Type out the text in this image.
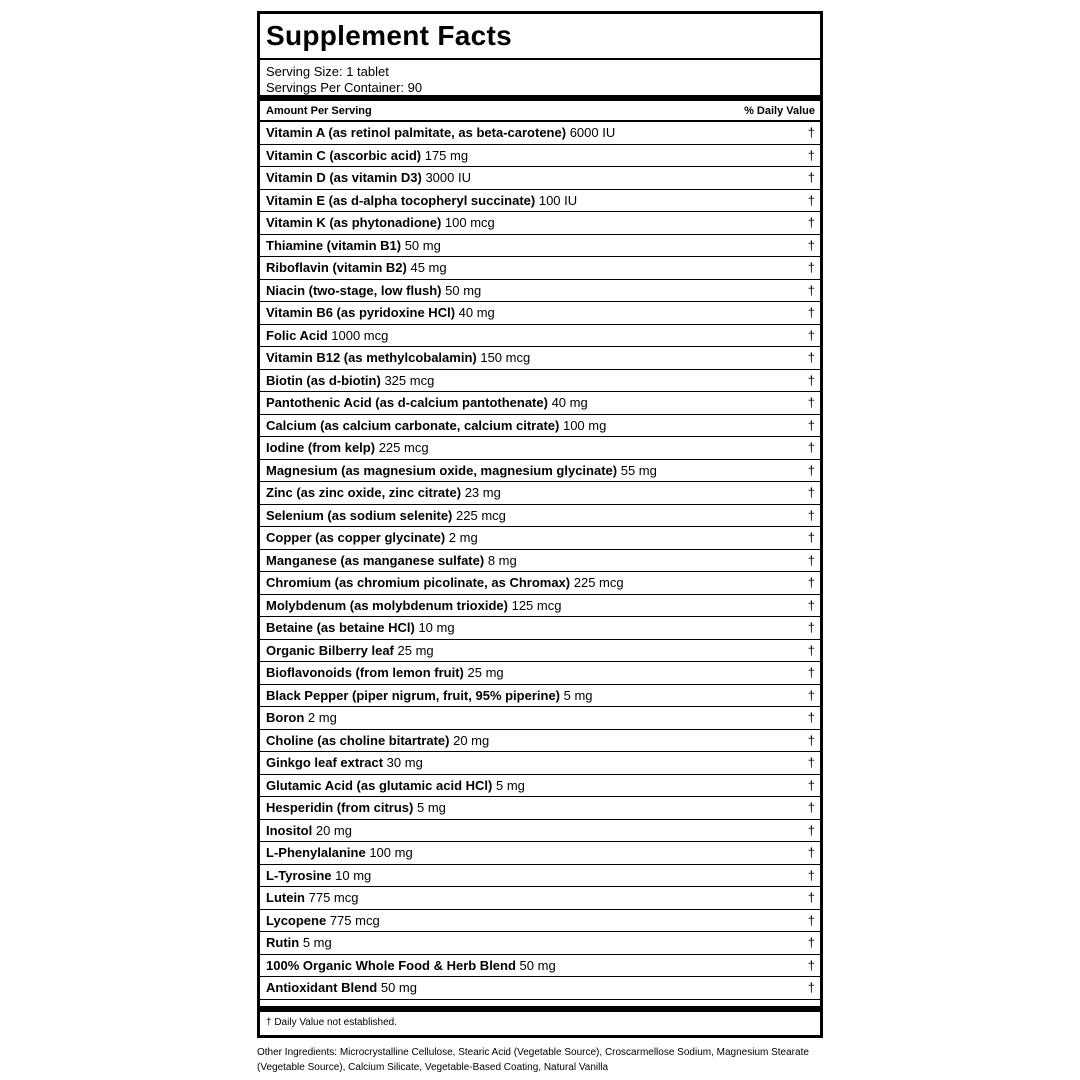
Supplement Facts
Serving Size: 1 tablet
Servings Per Container: 90
Amount Per Serving	% Daily Value
Vitamin A (as retinol palmitate, as beta-carotene) 6000 IU	†
Vitamin C (ascorbic acid) 175 mg	†
Vitamin D (as vitamin D3) 3000 IU	†
Vitamin E (as d-alpha tocopheryl succinate) 100 IU	†
Vitamin K (as phytonadione) 100 mcg	†
Thiamine (vitamin B1) 50 mg	†
Riboflavin (vitamin B2) 45 mg	†
Niacin (two-stage, low flush) 50 mg	†
Vitamin B6 (as pyridoxine HCl) 40 mg	†
Folic Acid 1000 mcg	†
Vitamin B12 (as methylcobalamin) 150 mcg	†
Biotin (as d-biotin) 325 mcg	†
Pantothenic Acid (as d-calcium pantothenate) 40 mg	†
Calcium (as calcium carbonate, calcium citrate) 100 mg	†
Iodine (from kelp) 225 mcg	†
Magnesium (as magnesium oxide, magnesium glycinate) 55 mg	†
Zinc (as zinc oxide, zinc citrate) 23 mg	†
Selenium (as sodium selenite) 225 mcg	†
Copper (as copper glycinate) 2 mg	†
Manganese (as manganese sulfate) 8 mg	†
Chromium (as chromium picolinate, as Chromax) 225 mcg	†
Molybdenum (as molybdenum trioxide) 125 mcg	†
Betaine (as betaine HCl) 10 mg	†
Organic Bilberry leaf 25 mg	†
Bioflavonoids (from lemon fruit) 25 mg	†
Black Pepper (piper nigrum, fruit, 95% piperine) 5 mg	†
Boron 2 mg	†
Choline (as choline bitartrate) 20 mg	†
Ginkgo leaf extract 30 mg	†
Glutamic Acid (as glutamic acid HCl) 5 mg	†
Hesperidin (from citrus) 5 mg	†
Inositol 20 mg	†
L-Phenylalanine 100 mg	†
L-Tyrosine 10 mg	†
Lutein 775 mcg	†
Lycopene 775 mcg	†
Rutin 5 mg	†
100% Organic Whole Food & Herb Blend 50 mg	†
Antioxidant Blend 50 mg	†
† Daily Value not established.
Other Ingredients: Microcrystalline Cellulose, Stearic Acid (Vegetable Source), Croscarmellose Sodium, Magnesium Stearate (Vegetable Source), Calcium Silicate, Vegetable-Based Coating, Natural Vanilla
